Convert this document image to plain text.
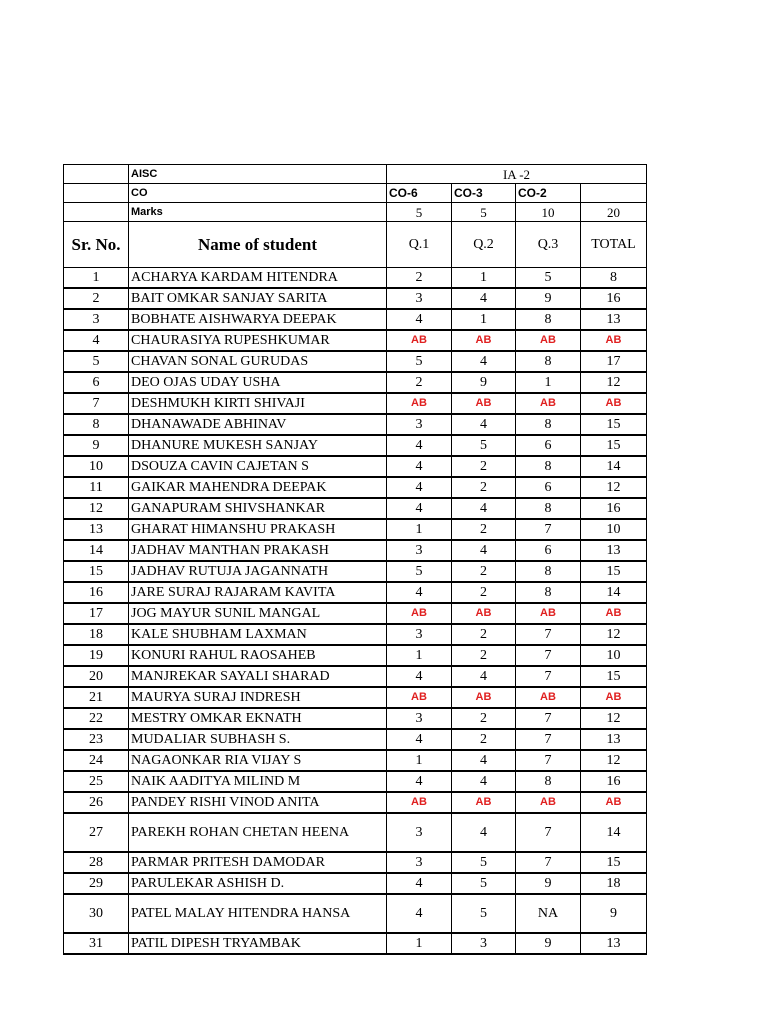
	AISC	IA -2			
	CO	CO-6	CO-3	CO-2	
	Marks	5	5	10	20
Sr. No.	Name of student	Q.1	Q.2	Q.3	TOTAL
1	ACHARYA KARDAM HITENDRA	2	1	5	8
2	BAIT OMKAR SANJAY SARITA	3	4	9	16
3	BOBHATE AISHWARYA DEEPAK	4	1	8	13
4	CHAURASIYA RUPESHKUMAR	AB	AB	AB	AB
5	CHAVAN SONAL GURUDAS	5	4	8	17
6	DEO OJAS UDAY USHA	2	9	1	12
7	DESHMUKH KIRTI SHIVAJI	AB	AB	AB	AB
8	DHANAWADE ABHINAV	3	4	8	15
9	DHANURE MUKESH SANJAY	4	5	6	15
10	DSOUZA CAVIN CAJETAN S	4	2	8	14
11	GAIKAR MAHENDRA DEEPAK	4	2	6	12
12	GANAPURAM SHIVSHANKAR	4	4	8	16
13	GHARAT HIMANSHU PRAKASH	1	2	7	10
14	JADHAV MANTHAN PRAKASH	3	4	6	13
15	JADHAV RUTUJA JAGANNATH	5	2	8	15
16	JARE SURAJ RAJARAM KAVITA	4	2	8	14
17	JOG MAYUR SUNIL MANGAL	AB	AB	AB	AB
18	KALE SHUBHAM LAXMAN	3	2	7	12
19	KONURI RAHUL RAOSAHEB	1	2	7	10
20	MANJREKAR SAYALI SHARAD	4	4	7	15
21	MAURYA SURAJ INDRESH	AB	AB	AB	AB
22	MESTRY OMKAR EKNATH	3	2	7	12
23	MUDALIAR SUBHASH S.	4	2	7	13
24	NAGAONKAR RIA VIJAY S	1	4	7	12
25	NAIK AADITYA MILIND M	4	4	8	16
26	PANDEY RISHI VINOD ANITA	AB	AB	AB	AB
27	PAREKH ROHAN CHETAN HEENA	3	4	7	14
28	PARMAR PRITESH DAMODAR	3	5	7	15
29	PARULEKAR ASHISH D.	4	5	9	18
30	PATEL MALAY HITENDRA HANSA	4	5	NA	9
31	PATIL DIPESH TRYAMBAK	1	3	9	13
